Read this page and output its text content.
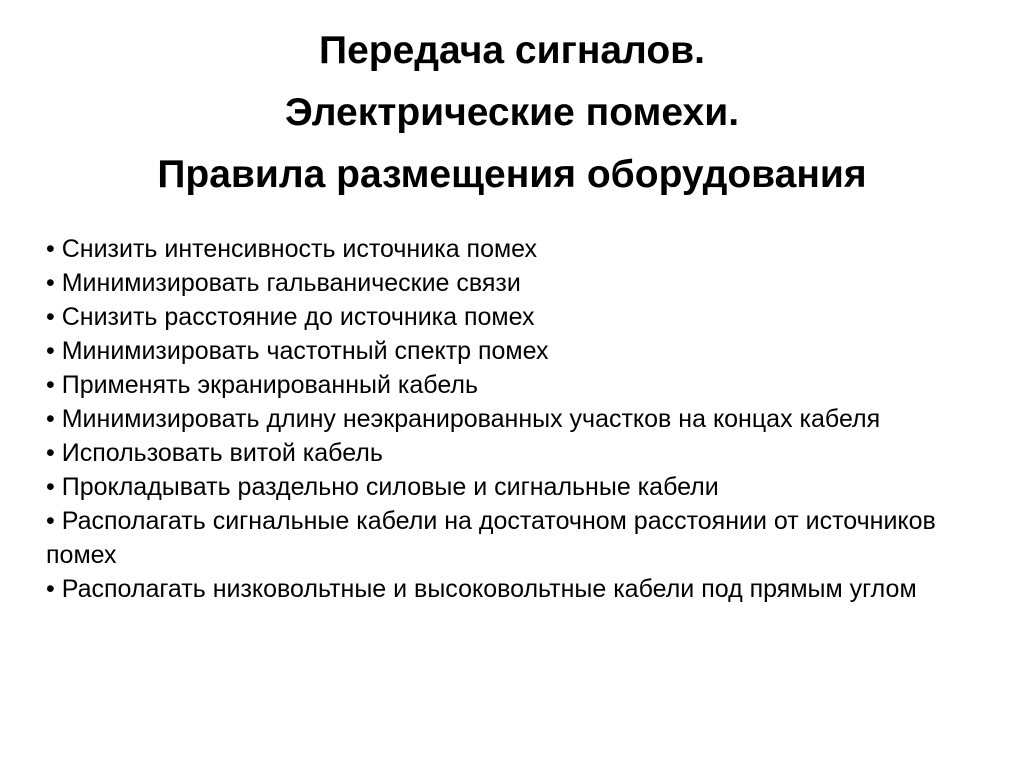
Передача сигналов.
Электрические помехи.
Правила размещения оборудования
• Снизить интенсивность источника помех
• Минимизировать гальванические связи
• Снизить расстояние до источника помех
• Минимизировать частотный спектр помех
• Применять экранированный кабель
• Минимизировать длину неэкранированных участков на концах кабеля
• Использовать витой кабель
• Прокладывать раздельно силовые и сигнальные кабели
• Располагать сигнальные кабели на достаточном расстоянии от источников помех
• Располагать низковольтные и высоковольтные кабели под прямым углом
